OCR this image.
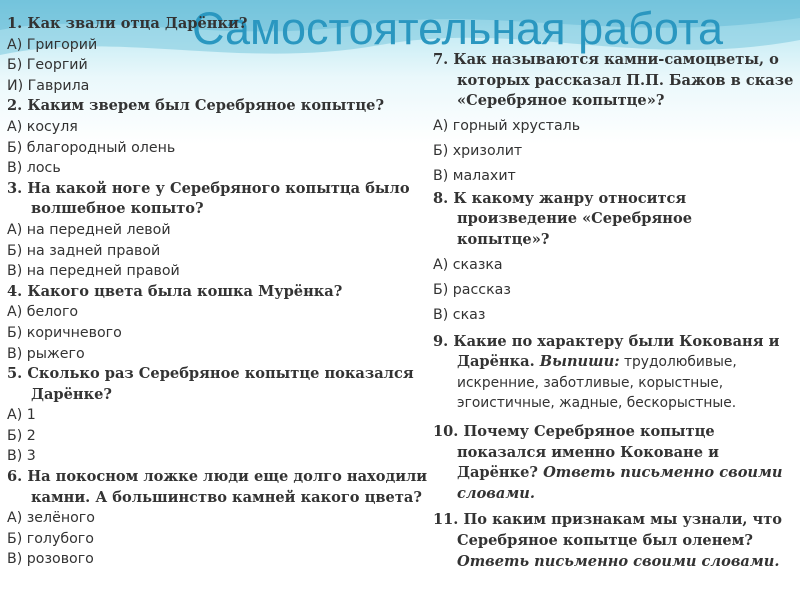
Самостоятельная работа

1. Как звали отца Дарёнки?

А) Григорий

Б) Георгий

И) Гаврила

2. Каким зверем был Серебряное копытце?

А) косуля

Б) благородный олень

В) лось

3. На какой ноге у Серебряного копытца было
волшебное копыто?

А) на передней левой

Б) на задней правой

В) на передней правой

4. Какого цвета была кошка Мурёнка?

А) белого

Б) коричневого

В) рыжего

5. Сколько раз Серебряное копытце показался
Дарёнке?

А) 1

Б) 2

В) 3

6. На покосном ложке люди еще долго находили
камни. А большинство камней какого цвета?

А) зелёного

Б) голубого

В) розового

7. Как называются камни-самоцветы, о
которых рассказал П.П. Бажов в сказе
«Серебряное копытце»?

А) горный хрусталь

Б) хризолит

В) малахит

8. К какому жанру относится
произведение «Серебряное
копытце»?

А) сказка

Б) рассказ

В) сказ

9. Какие по характеру были Кокованя и
Дарёнка. Выпиши: трудолюбивые,
искренние, заботливые, корыстные,
эгоистичные, жадные, бескорыстные.

10. Почему Серебряное копытце
показался именно Коковане и
Дарёнке? Ответь письменно своими
словами.

11. По каким признакам мы узнали, что
Серебряное копытце был оленем?
Ответь письменно своими словами.
